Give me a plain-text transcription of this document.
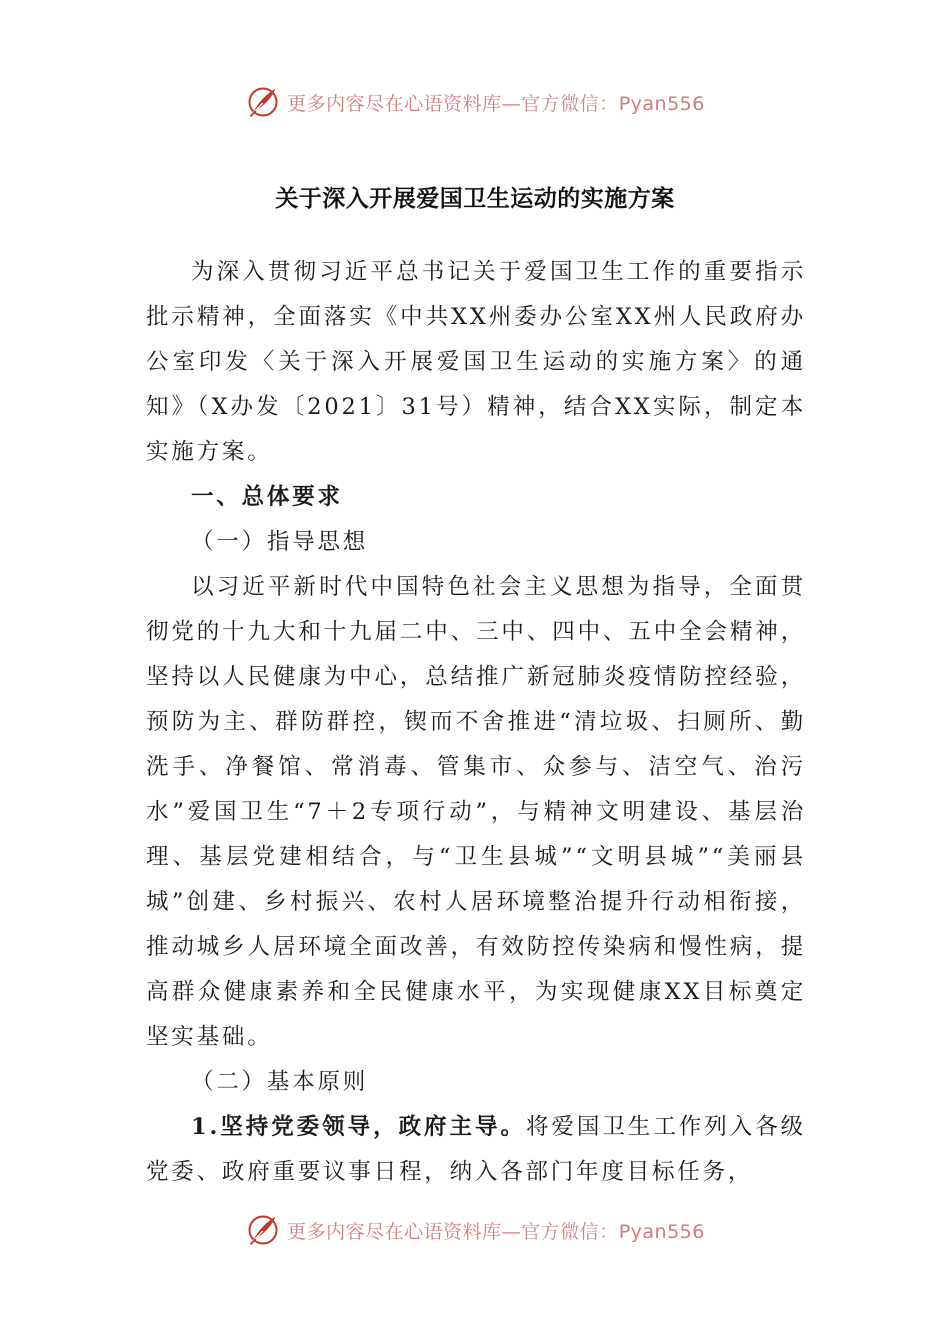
更多内容尽在心语资料库—官方微信：Pyan556
关于深入开展爱国卫生运动的实施方案

为深入贯彻习近平总书记关于爱国卫生工作的重要指示批示精神，全面落实《中共XX州委办公室XX州人民政府办公室印发〈关于深入开展爱国卫生运动的实施方案〉的通知》（X办发〔2021〕31号）精神，结合XX实际，制定本实施方案。

一、总体要求

（一）指导思想

以习近平新时代中国特色社会主义思想为指导，全面贯彻党的十九大和十九届二中、三中、四中、五中全会精神，坚持以人民健康为中心，总结推广新冠肺炎疫情防控经验，预防为主、群防群控，锲而不舍推进“清垃圾、扫厕所、勤洗手、净餐馆、常消毒、管集市、众参与、洁空气、治污水”爱国卫生“7＋2专项行动”，与精神文明建设、基层治理、基层党建相结合，与“卫生县城”“文明县城”“美丽县城”创建、乡村振兴、农村人居环境整治提升行动相衔接，推动城乡人居环境全面改善，有效防控传染病和慢性病，提高群众健康素养和全民健康水平，为实现健康XX目标奠定坚实基础。

（二）基本原则

1.坚持党委领导，政府主导。将爱国卫生工作列入各级党委、政府重要议事日程，纳入各部门年度目标任务，

更多内容尽在心语资料库—官方微信：Pyan556
